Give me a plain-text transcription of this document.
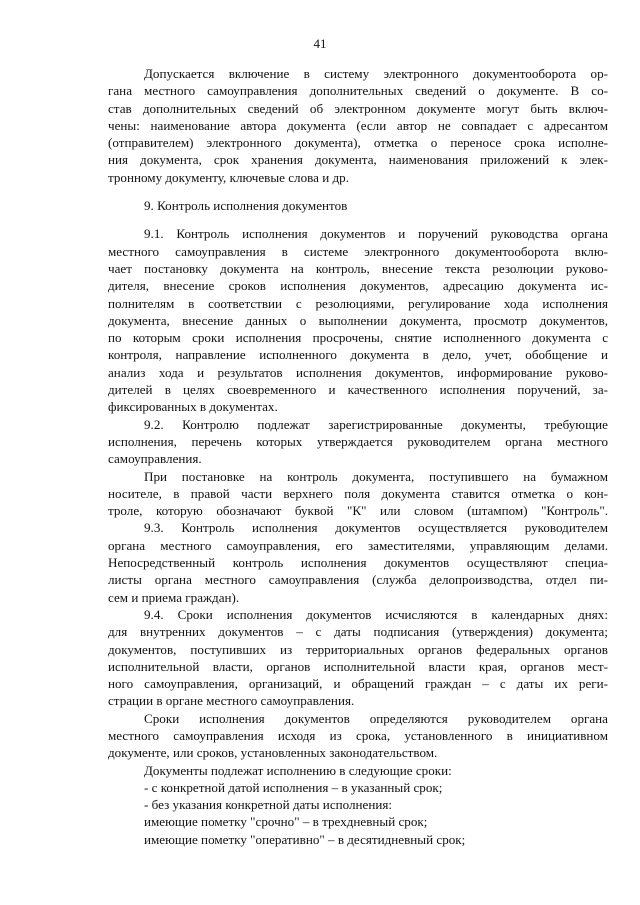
41
Допускается включение в систему электронного документооборота ор-
гана местного самоуправления дополнительных сведений о документе. В со-
став дополнительных сведений об электронном документе могут быть включ-
чены: наименование автора документа (если автор не совпадает с адресантом
(отправителем) электронного документа), отметка о переносе срока исполне-
ния документа, срок хранения документа, наименования приложений к элек-
тронному документу, ключевые слова и др.
9. Контроль исполнения документов
9.1. Контроль исполнения документов и поручений руководства органа
местного самоуправления в системе электронного документооборота вклю-
чает постановку документа на контроль, внесение текста резолюции руково-
дителя, внесение сроков исполнения документов, адресацию документа ис-
полнителям в соответствии с резолюциями, регулирование хода исполнения
документа, внесение данных о выполнении документа, просмотр документов,
по которым сроки исполнения просрочены, снятие исполненного документа с
контроля, направление исполненного документа в дело, учет, обобщение и
анализ хода и результатов исполнения документов, информирование руково-
дителей в целях своевременного и качественного исполнения поручений, за-
фиксированных в документах.
9.2. Контролю подлежат зарегистрированные документы, требующие
исполнения, перечень которых утверждается руководителем органа местного
самоуправления.
При постановке на контроль документа, поступившего на бумажном
носителе, в правой части верхнего поля документа ставится отметка о кон-
троле, которую обозначают буквой "К" или словом (штампом) "Контроль".
9.3. Контроль исполнения документов осуществляется руководителем
органа местного самоуправления, его заместителями, управляющим делами.
Непосредственный контроль исполнения документов осуществляют специа-
листы органа местного самоуправления (служба делопроизводства, отдел пи-
сем и приема граждан).
9.4. Сроки исполнения документов исчисляются в календарных днях:
для внутренних документов – с даты подписания (утверждения) документа;
документов, поступивших из территориальных органов федеральных органов
исполнительной власти, органов исполнительной власти края, органов мест-
ного самоуправления, организаций, и обращений граждан – с даты их реги-
страции в органе местного самоуправления.
Сроки исполнения документов определяются руководителем органа
местного самоуправления исходя из срока, установленного в инициативном
документе, или сроков, установленных законодательством.
Документы подлежат исполнению в следующие сроки:
- с конкретной датой исполнения – в указанный срок;
- без указания конкретной даты исполнения:
имеющие пометку "срочно" – в трехдневный срок;
имеющие пометку "оперативно" – в десятидневный срок;
